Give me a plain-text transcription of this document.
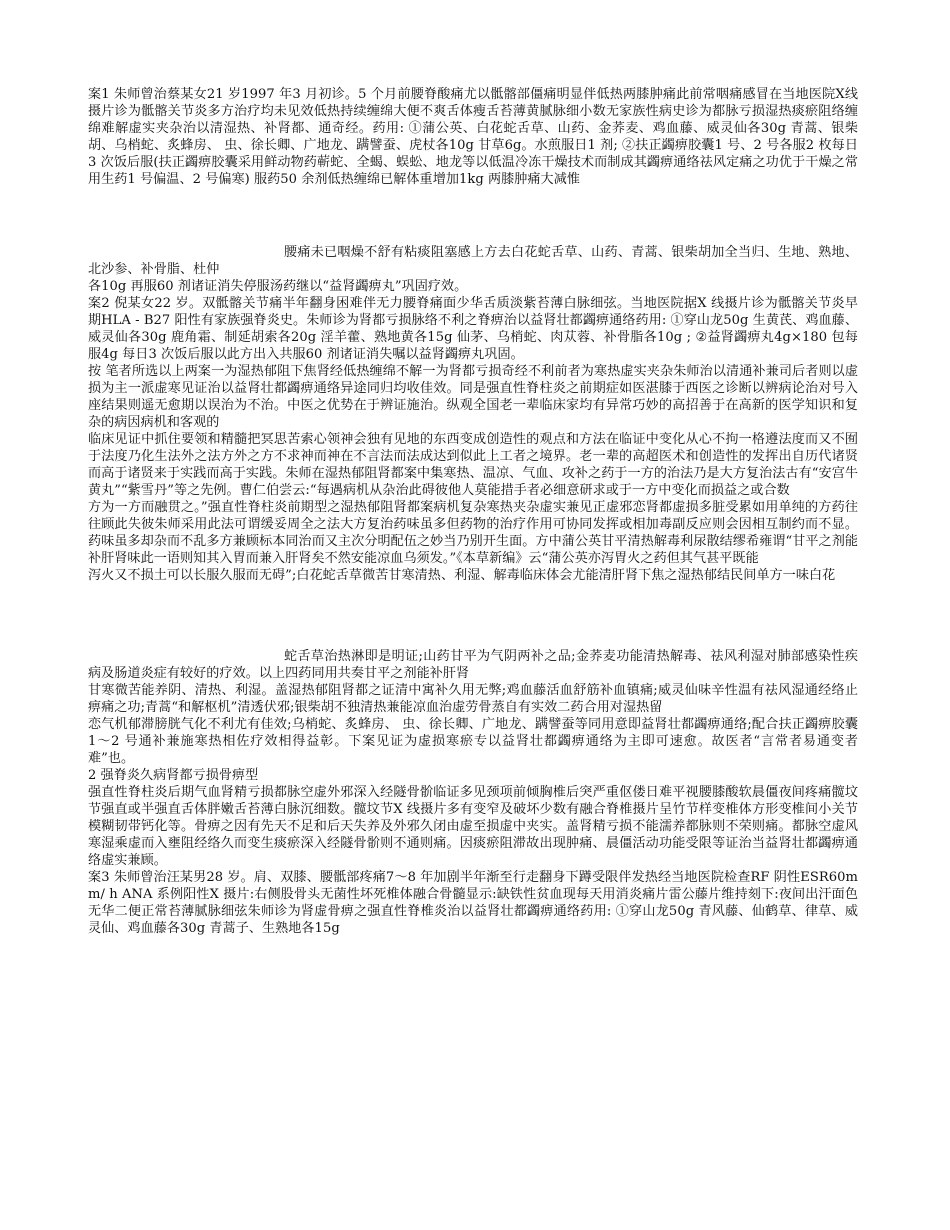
案1 朱师曾治蔡某女21 岁1997 年3 月初诊。5 个月前腰脊酸痛尤以骶髂部僵痛明显伴低热两膝肿痛此前常咽痛感冒在当地医院X线摄片诊为骶髂关节炎多方治疗均未见效低热持续缠绵大便不爽舌体瘦舌苔薄黄腻脉细小数无家族性病史诊为都脉亏损湿热痰瘀阻络缠绵难解虚实夹杂治以清湿热、补肾都、通奇经。药用: ①蒲公英、白花蛇舌草、山药、金荞麦、鸡血藤、威灵仙各30g 青蒿、银柴胡、乌梢蛇、炙蜂房、 虫、徐长卿、广地龙、蹒譬蚕、虎杖各10g 甘草6g。水煎服日1 剂; ②扶正蠲痹胶囊1 号、2 号各服2 枚每日3 次饭后服(扶正蠲痹胶囊采用鲜动物药蕲蛇、全蝎、蜈蚣、地龙等以低温冷冻干燥技术而制成其蠲痹通络祛风定痛之功优于干燥之常用生药1 号偏温、2 号偏寒) 服药50 余剂低热缠绵已解体重增加1kg 两膝肿痛大减惟

腰痛未已咽燥不舒有粘痰阻塞感上方去白花蛇舌草、山药、青蒿、银柴胡加全当归、生地、熟地、北沙参、补骨脂、杜仲

各10g 再服60 剂诸证消失停服汤药继以“益肾蠲痹丸”巩固疗效。

案2 倪某女22 岁。双骶髂关节痛半年翻身困难伴无力腰脊痛面少华舌质淡紫苔薄白脉细弦。当地医院据X 线摄片诊为骶髂关节炎早期HLA - B27 阳性有家族强脊炎史。朱师诊为肾都亏损脉络不利之脊痹治以益肾壮都蠲痹通络药用: ①穿山龙50g 生黄芪、鸡血藤、威灵仙各30g 鹿角霜、制延胡索各20g 淫羊藿、熟地黄各15g 仙茅、乌梢蛇、肉苁蓉、补骨脂各10g ; ②益肾蠲痹丸4g×180 包每服4g 每日3 次饭后服以此方出入共服60 剂诸证消失嘱以益肾蠲痹丸巩固。

按 笔者所选以上两案一为湿热郁阻下焦肾经低热缠绵不解一为肾都亏损奇经不利前者为寒热虚实夹杂朱师治以清通补兼司后者则以虚损为主一派虚寒见证治以益肾壮都蠲痹通络异途同归均收佳效。同是强直性脊柱炎之前期症如医湛膝于西医之诊断以辨病论治对号入座结果则遥无愈期以误治为不治。中医之优势在于辨证施治。纵观全国老一辈临床家均有异常巧妙的高招善于在高新的医学知识和复杂的病因病机和客观的

临床见证中抓住要领和精髓把冥思苦索心领神会独有见地的东西变成创造性的观点和方法在临证中变化从心不拘一格遵法度而又不囿于法度乃化生法外之法方外之方不求神而神在不言法而法成达到似此上工者之境界。老一辈的高超医术和创造性的发挥出自历代诸贤而高于诸贤来于实践而高于实践。朱师在湿热郁阻肾都案中集寒热、温凉、气血、攻补之药于一方的治法乃是大方复治法古有“安宫牛黄丸”“紫雪丹”等之先例。曹仁伯尝云:“每遇病机从杂治此碍彼他人莫能措手者必细意研求或于一方中变化而损益之或合数

方为一方而融贯之。”强直性脊柱炎前期型之湿热郁阻肾都案病机复杂寒热夹杂虚实兼见正虚邪恋肾都虚损多脏受累如用单纯的方药往往顾此失彼朱师采用此法可谓缓妥周全之法大方复治药味虽多但药物的治疗作用可协同发挥或相加毒副反应则会因相互制约而不显。药味虽多却杂而不乱多方兼顾标本同治而又主次分明配伍之妙当乃别开生面。方中蒲公英甘平清热解毒利尿散结缪希雍谓“甘平之剂能补肝肾味此一语则知其入胃而兼入肝肾矣不然安能凉血乌须发。”《本草新编》云“蒲公英亦泻胃火之药但其气甚平既能

泻火又不损土可以长服久服而无碍”;白花蛇舌草微苦甘寒清热、利湿、解毒临床体会尤能清肝肾下焦之湿热郁结民间单方一味白花

蛇舌草治热淋即是明证;山药甘平为气阴两补之品;金荞麦功能清热解毒、祛风利湿对肺部感染性疾病及肠道炎症有较好的疗效。以上四药同用共奏甘平之剂能补肝肾

甘寒微苦能养阴、清热、利湿。盖湿热郁阻肾都之证清中寓补久用无弊;鸡血藤活血舒筋补血镇痛;威灵仙味辛性温有祛风湿通经络止痹痛之功;青蒿“和解枢机”清透伏邪;银柴胡不独清热兼能凉血治虚劳骨蒸自有实效二药合用对湿热留

恋气机郁滞膀胱气化不利尤有佳效;乌梢蛇、炙蜂房、 虫、徐长卿、广地龙、蹒譬蚕等同用意即益肾壮都蠲痹通络;配合扶正蠲痹胶囊1～2 号通补兼施寒热相佐疗效相得益彰。下案见证为虚损寒瘀专以益肾壮都蠲痹通络为主即可速愈。故医者“言常者易通变者难”也。

2 强脊炎久病肾都亏损骨痹型

强直性脊柱炎后期气血肾精亏损都脉空虚外邪深入经隧骨骱临证多见颈项前倾胸椎后突严重伛偻日难平视腰膝酸软晨僵夜间疼痛髋坟节强直或半强直舌体胖嫩舌苔薄白脉沉细数。髋坟节X 线摄片多有变窄及破坏少数有融合脊椎摄片呈竹节样变椎体方形变椎间小关节模糊韧带钙化等。骨痹之因有先天不足和后天失养及外邪久闭由虚至损虚中夹实。盖肾精亏损不能濡养都脉则不荣则痛。都脉空虚风寒湿乘虚而入壅阻经络久而变生痰瘀深入经隧骨骱则不通则痛。因痰瘀阻滞故出现肿痛、晨僵活动功能受限等证治当益肾壮都蠲痹通络虚实兼顾。

案3 朱师曾治汪某男28 岁。肩、双膝、腰骶部疼痛7～8 年加剧半年渐至行走翻身下蹲受限伴发热经当地医院检查RF 阴性ESR60mm/ h ANA 系例阳性X 摄片:右侧股骨头无菌性坏死椎体融合骨髓显示:缺铁性贫血现每天用消炎痛片雷公藤片维持刻下:夜间出汗面色无华二便正常苔薄腻脉细弦朱师诊为肾虚骨痹之强直性脊椎炎治以益肾壮都蠲痹通络药用: ①穿山龙50g 青风藤、仙鹤草、律草、威灵仙、鸡血藤各30g 青蒿子、生熟地各15g
